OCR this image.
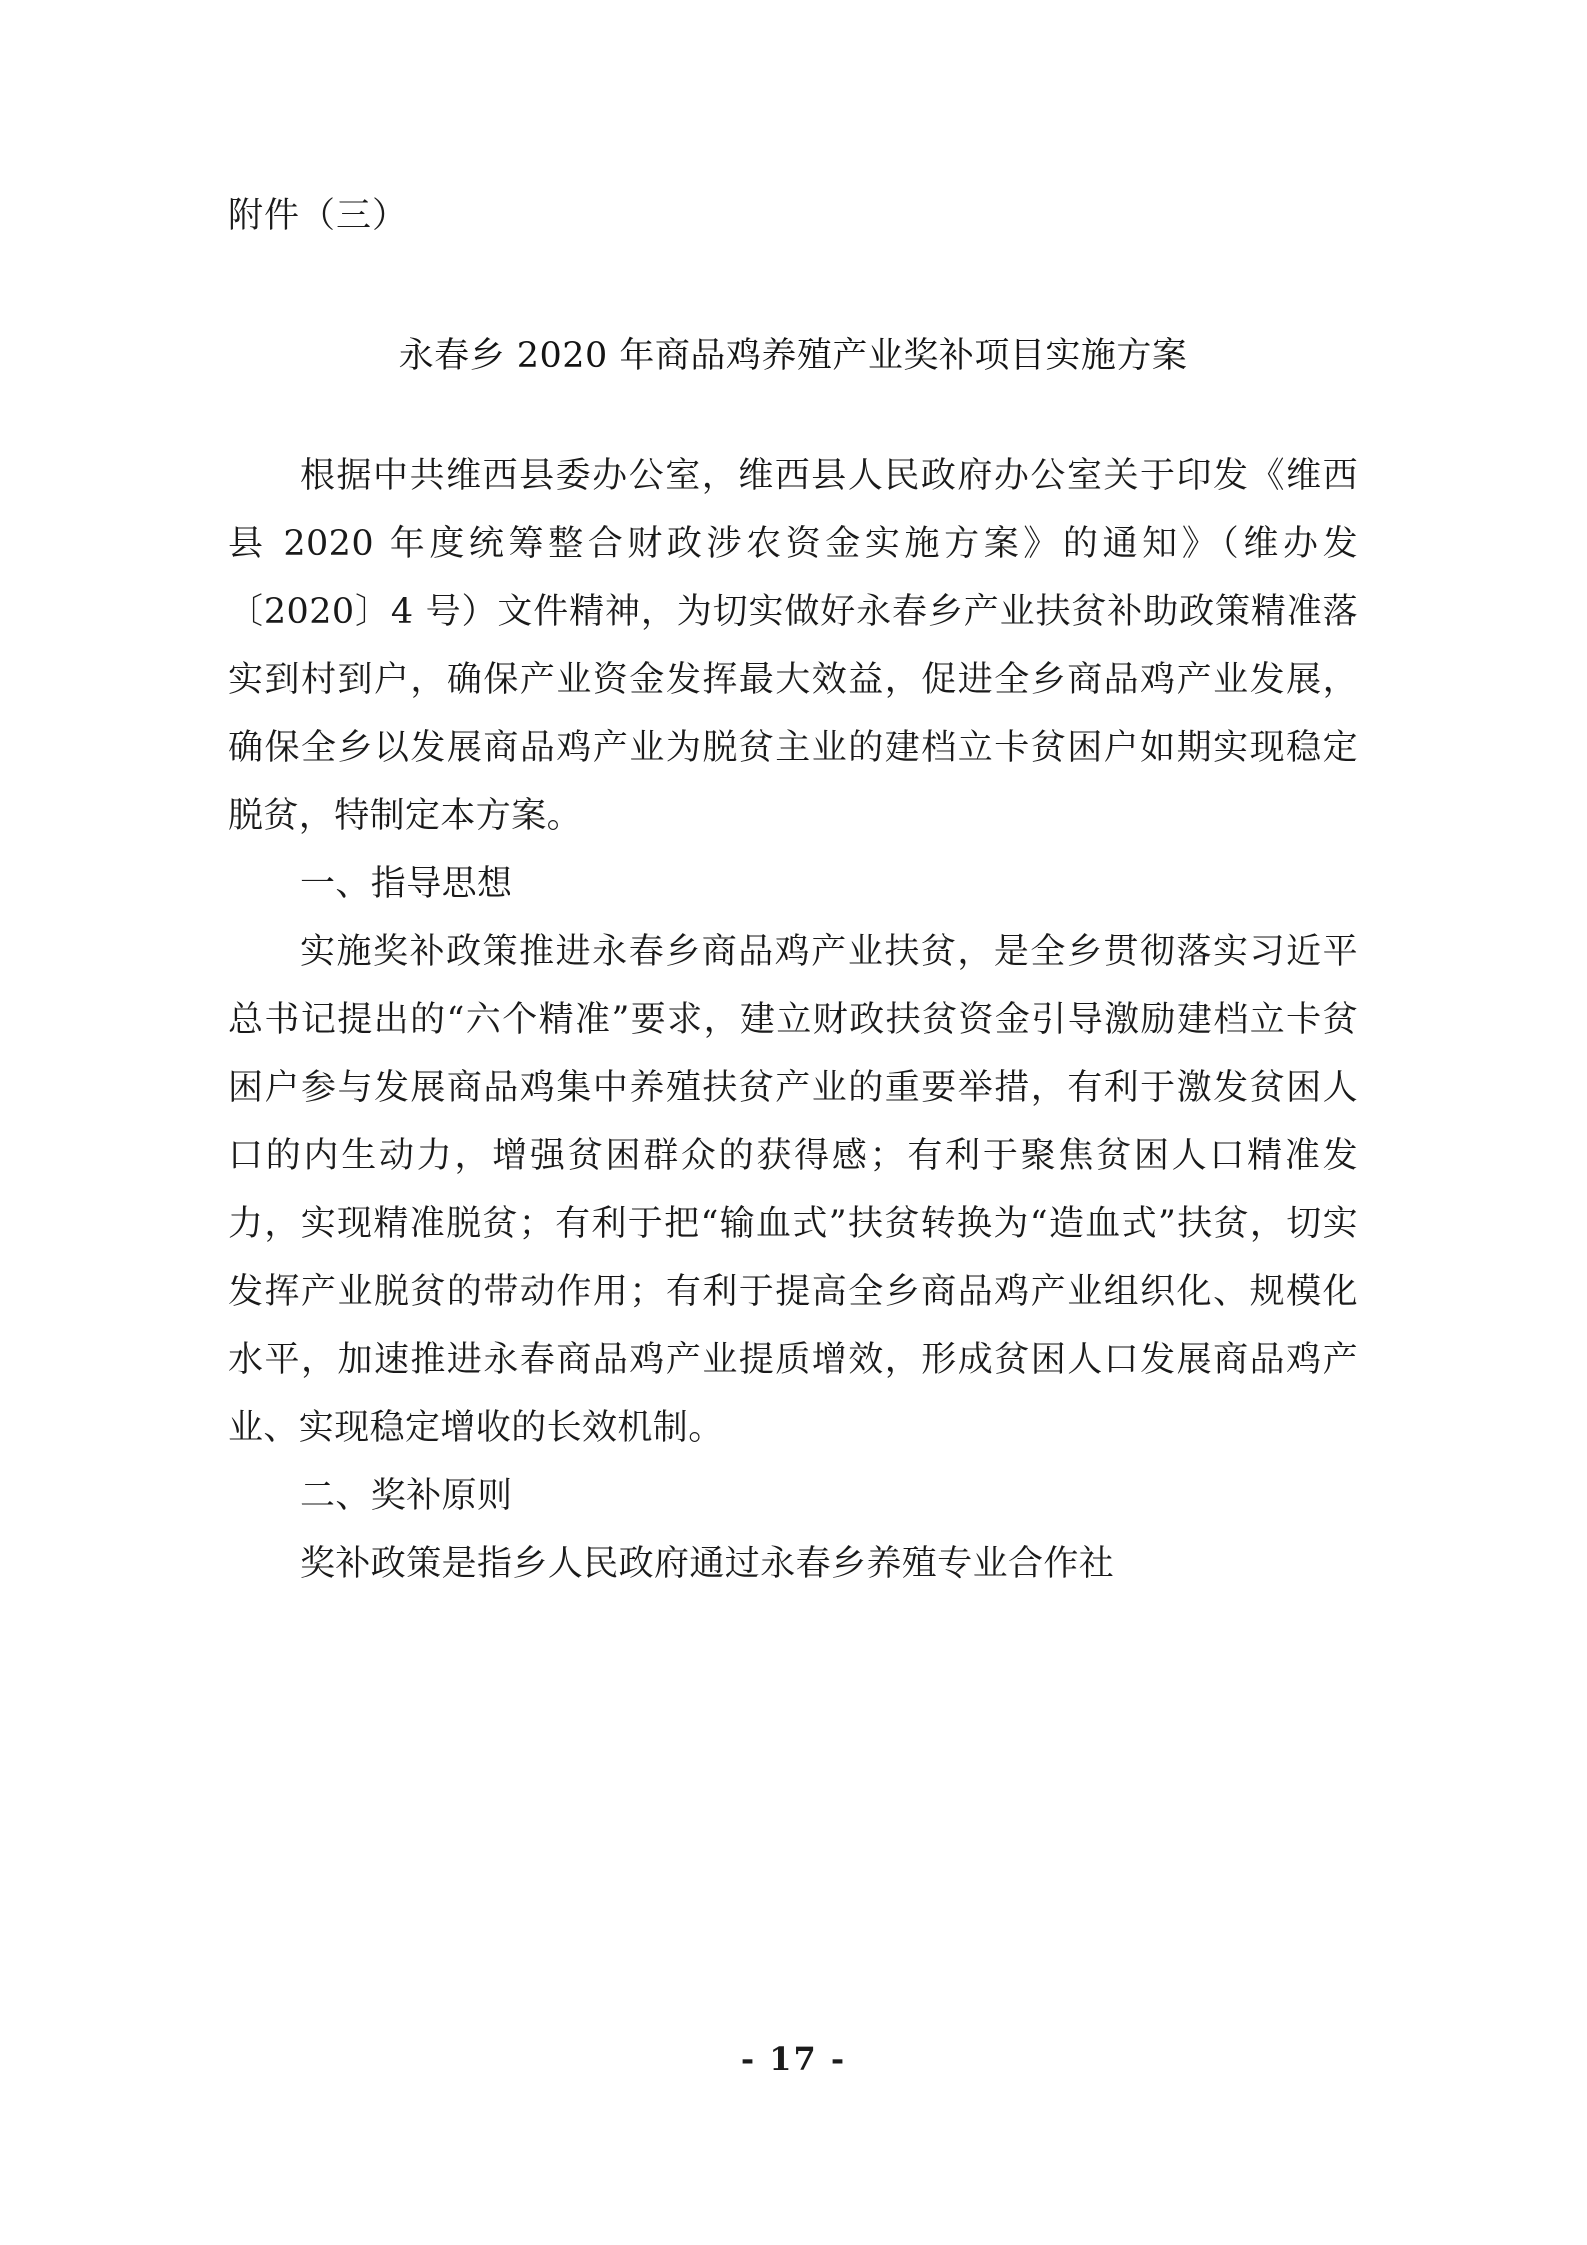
附件（三）
永春乡 2020 年商品鸡养殖产业奖补项目实施方案

根据中共维西县委办公室，维西县人民政府办公室关于印发《维西县 2020 年度统筹整合财政涉农资金实施方案》的通知》（维办发〔2020〕4 号）文件精神，为切实做好永春乡产业扶贫补助政策精准落实到村到户，确保产业资金发挥最大效益，促进全乡商品鸡产业发展，确保全乡以发展商品鸡产业为脱贫主业的建档立卡贫困户如期实现稳定脱贫，特制定本方案。

一、指导思想

实施奖补政策推进永春乡商品鸡产业扶贫，是全乡贯彻落实习近平总书记提出的“六个精准”要求，建立财政扶贫资金引导激励建档立卡贫困户参与发展商品鸡集中养殖扶贫产业的重要举措，有利于激发贫困人口的内生动力，增强贫困群众的获得感；有利于聚焦贫困人口精准发力，实现精准脱贫；有利于把“输血式”扶贫转换为“造血式”扶贫，切实发挥产业脱贫的带动作用；有利于提高全乡商品鸡产业组织化、规模化水平，加速推进永春商品鸡产业提质增效，形成贫困人口发展商品鸡产业、实现稳定增收的长效机制。

二、奖补原则

奖补政策是指乡人民政府通过永春乡养殖专业合作社

- 17 -
